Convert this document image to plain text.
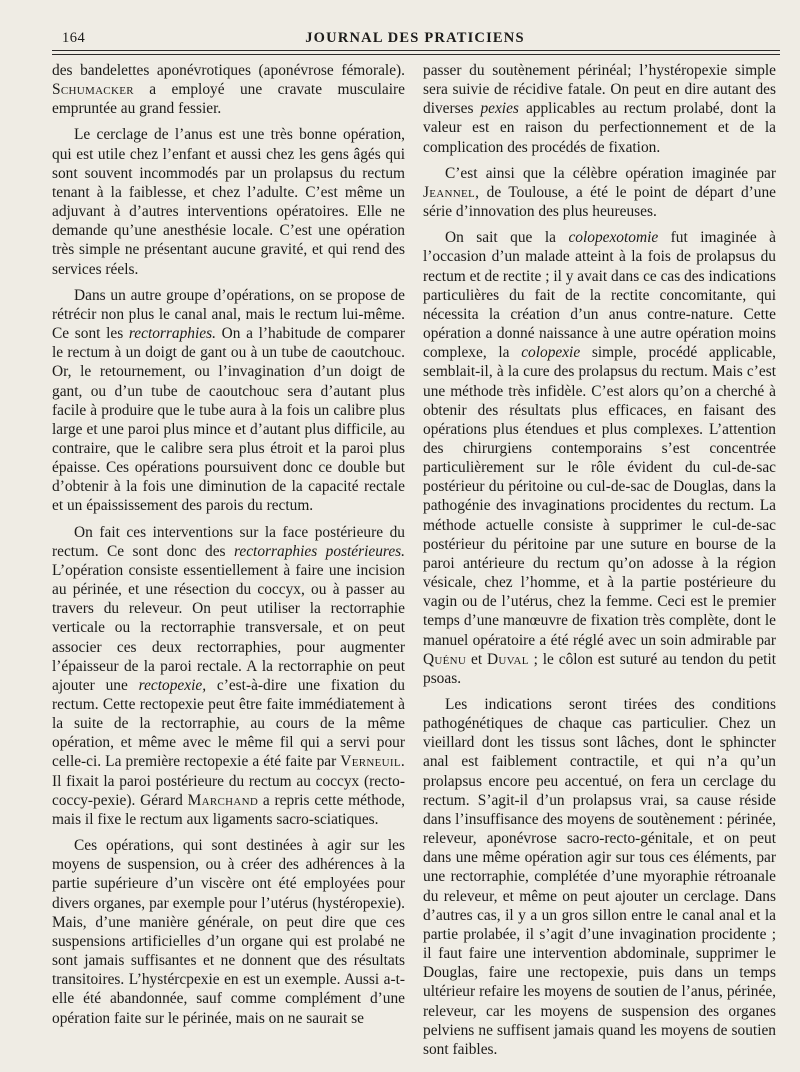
164	JOURNAL DES PRATICIENS

des bandelettes aponévrotiques (aponévrose fémorale). Schumacker a employé une cravate musculaire empruntée au grand fessier.

Le cerclage de l’anus est une très bonne opération, qui est utile chez l’enfant et aussi chez les gens âgés qui sont souvent incommodés par un prolapsus du rectum tenant à la faiblesse, et chez l’adulte. C’est même un adjuvant à d’autres interventions opératoires. Elle ne demande qu’une anesthésie locale. C’est une opération très simple ne présentant aucune gravité, et qui rend des services réels.

Dans un autre groupe d’opérations, on se propose de rétrécir non plus le canal anal, mais le rectum lui-même. Ce sont les rectorraphies. On a l’habitude de comparer le rectum à un doigt de gant ou à un tube de caoutchouc. Or, le retournement, ou l’invagination d’un doigt de gant, ou d’un tube de caoutchouc sera d’autant plus facile à produire que le tube aura à la fois un calibre plus large et une paroi plus mince et d’autant plus difficile, au contraire, que le calibre sera plus étroit et la paroi plus épaisse. Ces opérations poursuivent donc ce double but d’obtenir à la fois une diminution de la capacité rectale et un épaississement des parois du rectum.

On fait ces interventions sur la face postérieure du rectum. Ce sont donc des rectorraphies postérieures. L’opération consiste essentiellement à faire une incision au périnée, et une résection du coccyx, ou à passer au travers du releveur. On peut utiliser la rectorraphie verticale ou la rectorraphie transversale, et on peut associer ces deux rectorraphies, pour augmenter l’épaisseur de la paroi rectale. A la rectorraphie on peut ajouter une rectopexie, c’est-à-dire une fixation du rectum. Cette rectopexie peut être faite immédiatement à la suite de la rectorraphie, au cours de la même opération, et même avec le même fil qui a servi pour celle-ci. La première rectopexie a été faite par Verneuil. Il fixait la paroi postérieure du rectum au coccyx (recto-coccy-pexie). Gérard Marchand a repris cette méthode, mais il fixe le rectum aux ligaments sacro-sciatiques.

Ces opérations, qui sont destinées à agir sur les moyens de suspension, ou à créer des adhérences à la partie supérieure d’un viscère ont été employées pour divers organes, par exemple pour l’utérus (hystéropexie). Mais, d’une manière générale, on peut dire que ces suspensions artificielles d’un organe qui est prolabé ne sont jamais suffisantes et ne donnent que des résultats transitoires. L’hystércpexie en est un exemple. Aussi a-t-elle été abandonnée, sauf comme complément d’une opération faite sur le périnée, mais on ne saurait se

passer du soutènement périnéal; l’hystéropexie simple sera suivie de récidive fatale. On peut en dire autant des diverses pexies applicables au rectum prolabé, dont la valeur est en raison du perfectionnement et de la complication des procédés de fixation.

C’est ainsi que la célèbre opération imaginée par Jeannel, de Toulouse, a été le point de départ d’une série d’innovation des plus heureuses.

On sait que la colopexotomie fut imaginée à l’occasion d’un malade atteint à la fois de prolapsus du rectum et de rectite ; il y avait dans ce cas des indications particulières du fait de la rectite concomitante, qui nécessita la création d’un anus contre-nature. Cette opération a donné naissance à une autre opération moins complexe, la colopexie simple, procédé applicable, semblait-il, à la cure des prolapsus du rectum. Mais c’est une méthode très infidèle. C’est alors qu’on a cherché à obtenir des résultats plus efficaces, en faisant des opérations plus étendues et plus complexes. L’attention des chirurgiens contemporains s’est concentrée particulièrement sur le rôle évident du cul-de-sac postérieur du péritoine ou cul-de-sac de Douglas, dans la pathogénie des invaginations procidentes du rectum. La méthode actuelle consiste à supprimer le cul-de-sac postérieur du péritoine par une suture en bourse de la paroi antérieure du rectum qu’on adosse à la région vésicale, chez l’homme, et à la partie postérieure du vagin ou de l’utérus, chez la femme. Ceci est le premier temps d’une manœuvre de fixation très complète, dont le manuel opératoire a été réglé avec un soin admirable par Quénu et Duval ; le côlon est suturé au tendon du petit psoas.

Les indications seront tirées des conditions pathogénétiques de chaque cas particulier. Chez un vieillard dont les tissus sont lâches, dont le sphincter anal est faiblement contractile, et qui n’a qu’un prolapsus encore peu accentué, on fera un cerclage du rectum. S’agit-il d’un prolapsus vrai, sa cause réside dans l’insuffisance des moyens de soutènement : périnée, releveur, aponévrose sacro-recto-génitale, et on peut dans une même opération agir sur tous ces éléments, par une rectorraphie, complétée d’une myoraphie rétroanale du releveur, et même on peut ajouter un cerclage. Dans d’autres cas, il y a un gros sillon entre le canal anal et la partie prolabée, il s’agit d’une invagination procidente ; il faut faire une intervention abdominale, supprimer le Douglas, faire une rectopexie, puis dans un temps ultérieur refaire les moyens de soutien de l’anus, périnée, releveur, car les moyens de suspension des organes pelviens ne suffisent jamais quand les moyens de soutien sont faibles.
